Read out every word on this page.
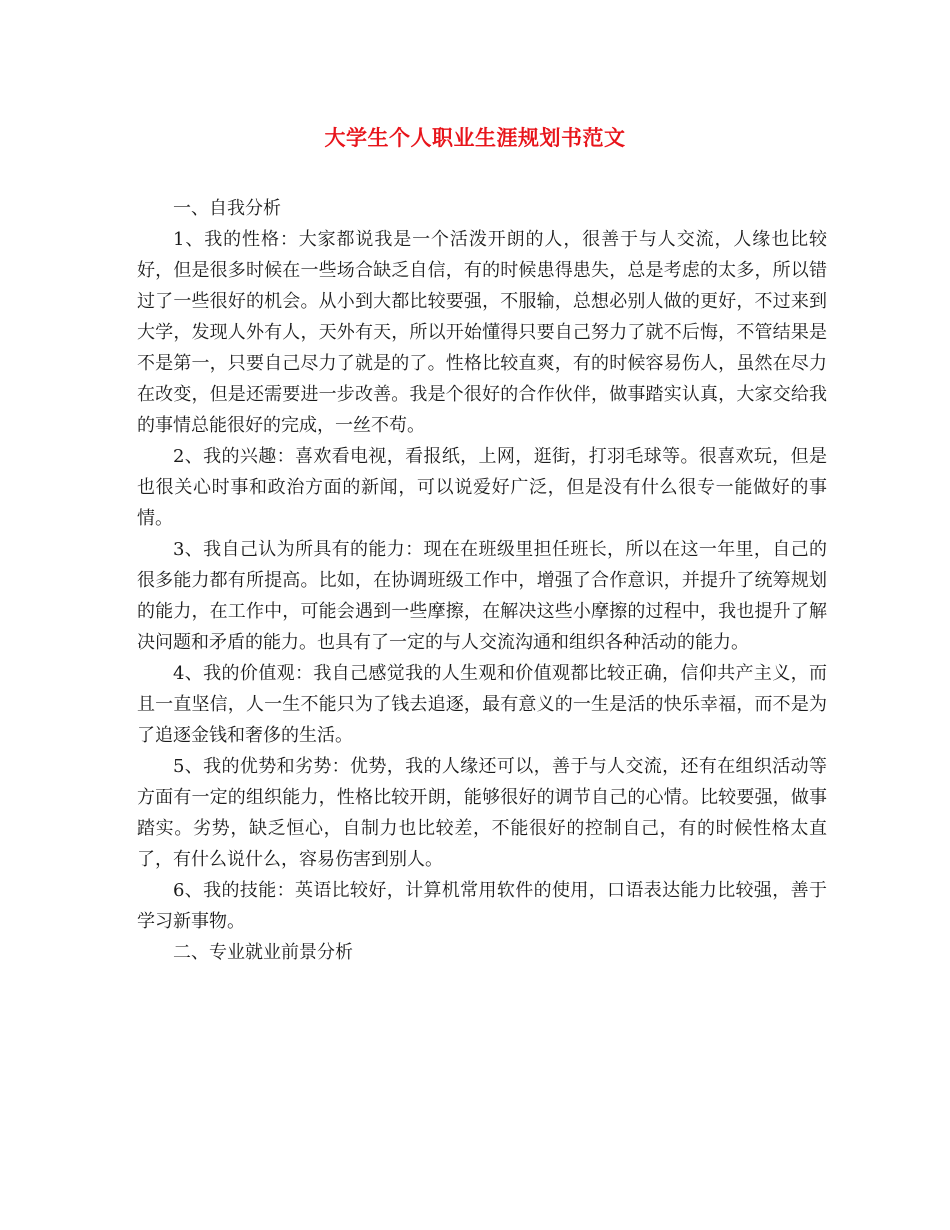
大学生个人职业生涯规划书范文

一、自我分析

1、我的性格：大家都说我是一个活泼开朗的人，很善于与人交流，人缘也比较好，但是很多时候在一些场合缺乏自信，有的时候患得患失，总是考虑的太多，所以错过了一些很好的机会。从小到大都比较要强，不服输，总想必别人做的更好，不过来到大学，发现人外有人，天外有天，所以开始懂得只要自己努力了就不后悔，不管结果是不是第一，只要自己尽力了就是的了。性格比较直爽，有的时候容易伤人，虽然在尽力在改变，但是还需要进一步改善。我是个很好的合作伙伴，做事踏实认真，大家交给我的事情总能很好的完成，一丝不苟。

2、我的兴趣：喜欢看电视，看报纸，上网，逛街，打羽毛球等。很喜欢玩，但是也很关心时事和政治方面的新闻，可以说爱好广泛，但是没有什么很专一能做好的事情。

3、我自己认为所具有的能力：现在在班级里担任班长，所以在这一年里，自己的很多能力都有所提高。比如，在协调班级工作中，增强了合作意识，并提升了统筹规划的能力，在工作中，可能会遇到一些摩擦，在解决这些小摩擦的过程中，我也提升了解决问题和矛盾的能力。也具有了一定的与人交流沟通和组织各种活动的能力。

4、我的价值观：我自己感觉我的人生观和价值观都比较正确，信仰共产主义，而且一直坚信，人一生不能只为了钱去追逐，最有意义的一生是活的快乐幸福，而不是为了追逐金钱和奢侈的生活。

5、我的优势和劣势：优势，我的人缘还可以，善于与人交流，还有在组织活动等方面有一定的组织能力，性格比较开朗，能够很好的调节自己的心情。比较要强，做事踏实。劣势，缺乏恒心，自制力也比较差，不能很好的控制自己，有的时候性格太直了，有什么说什么，容易伤害到别人。

6、我的技能：英语比较好，计算机常用软件的使用，口语表达能力比较强，善于学习新事物。

二、专业就业前景分析
